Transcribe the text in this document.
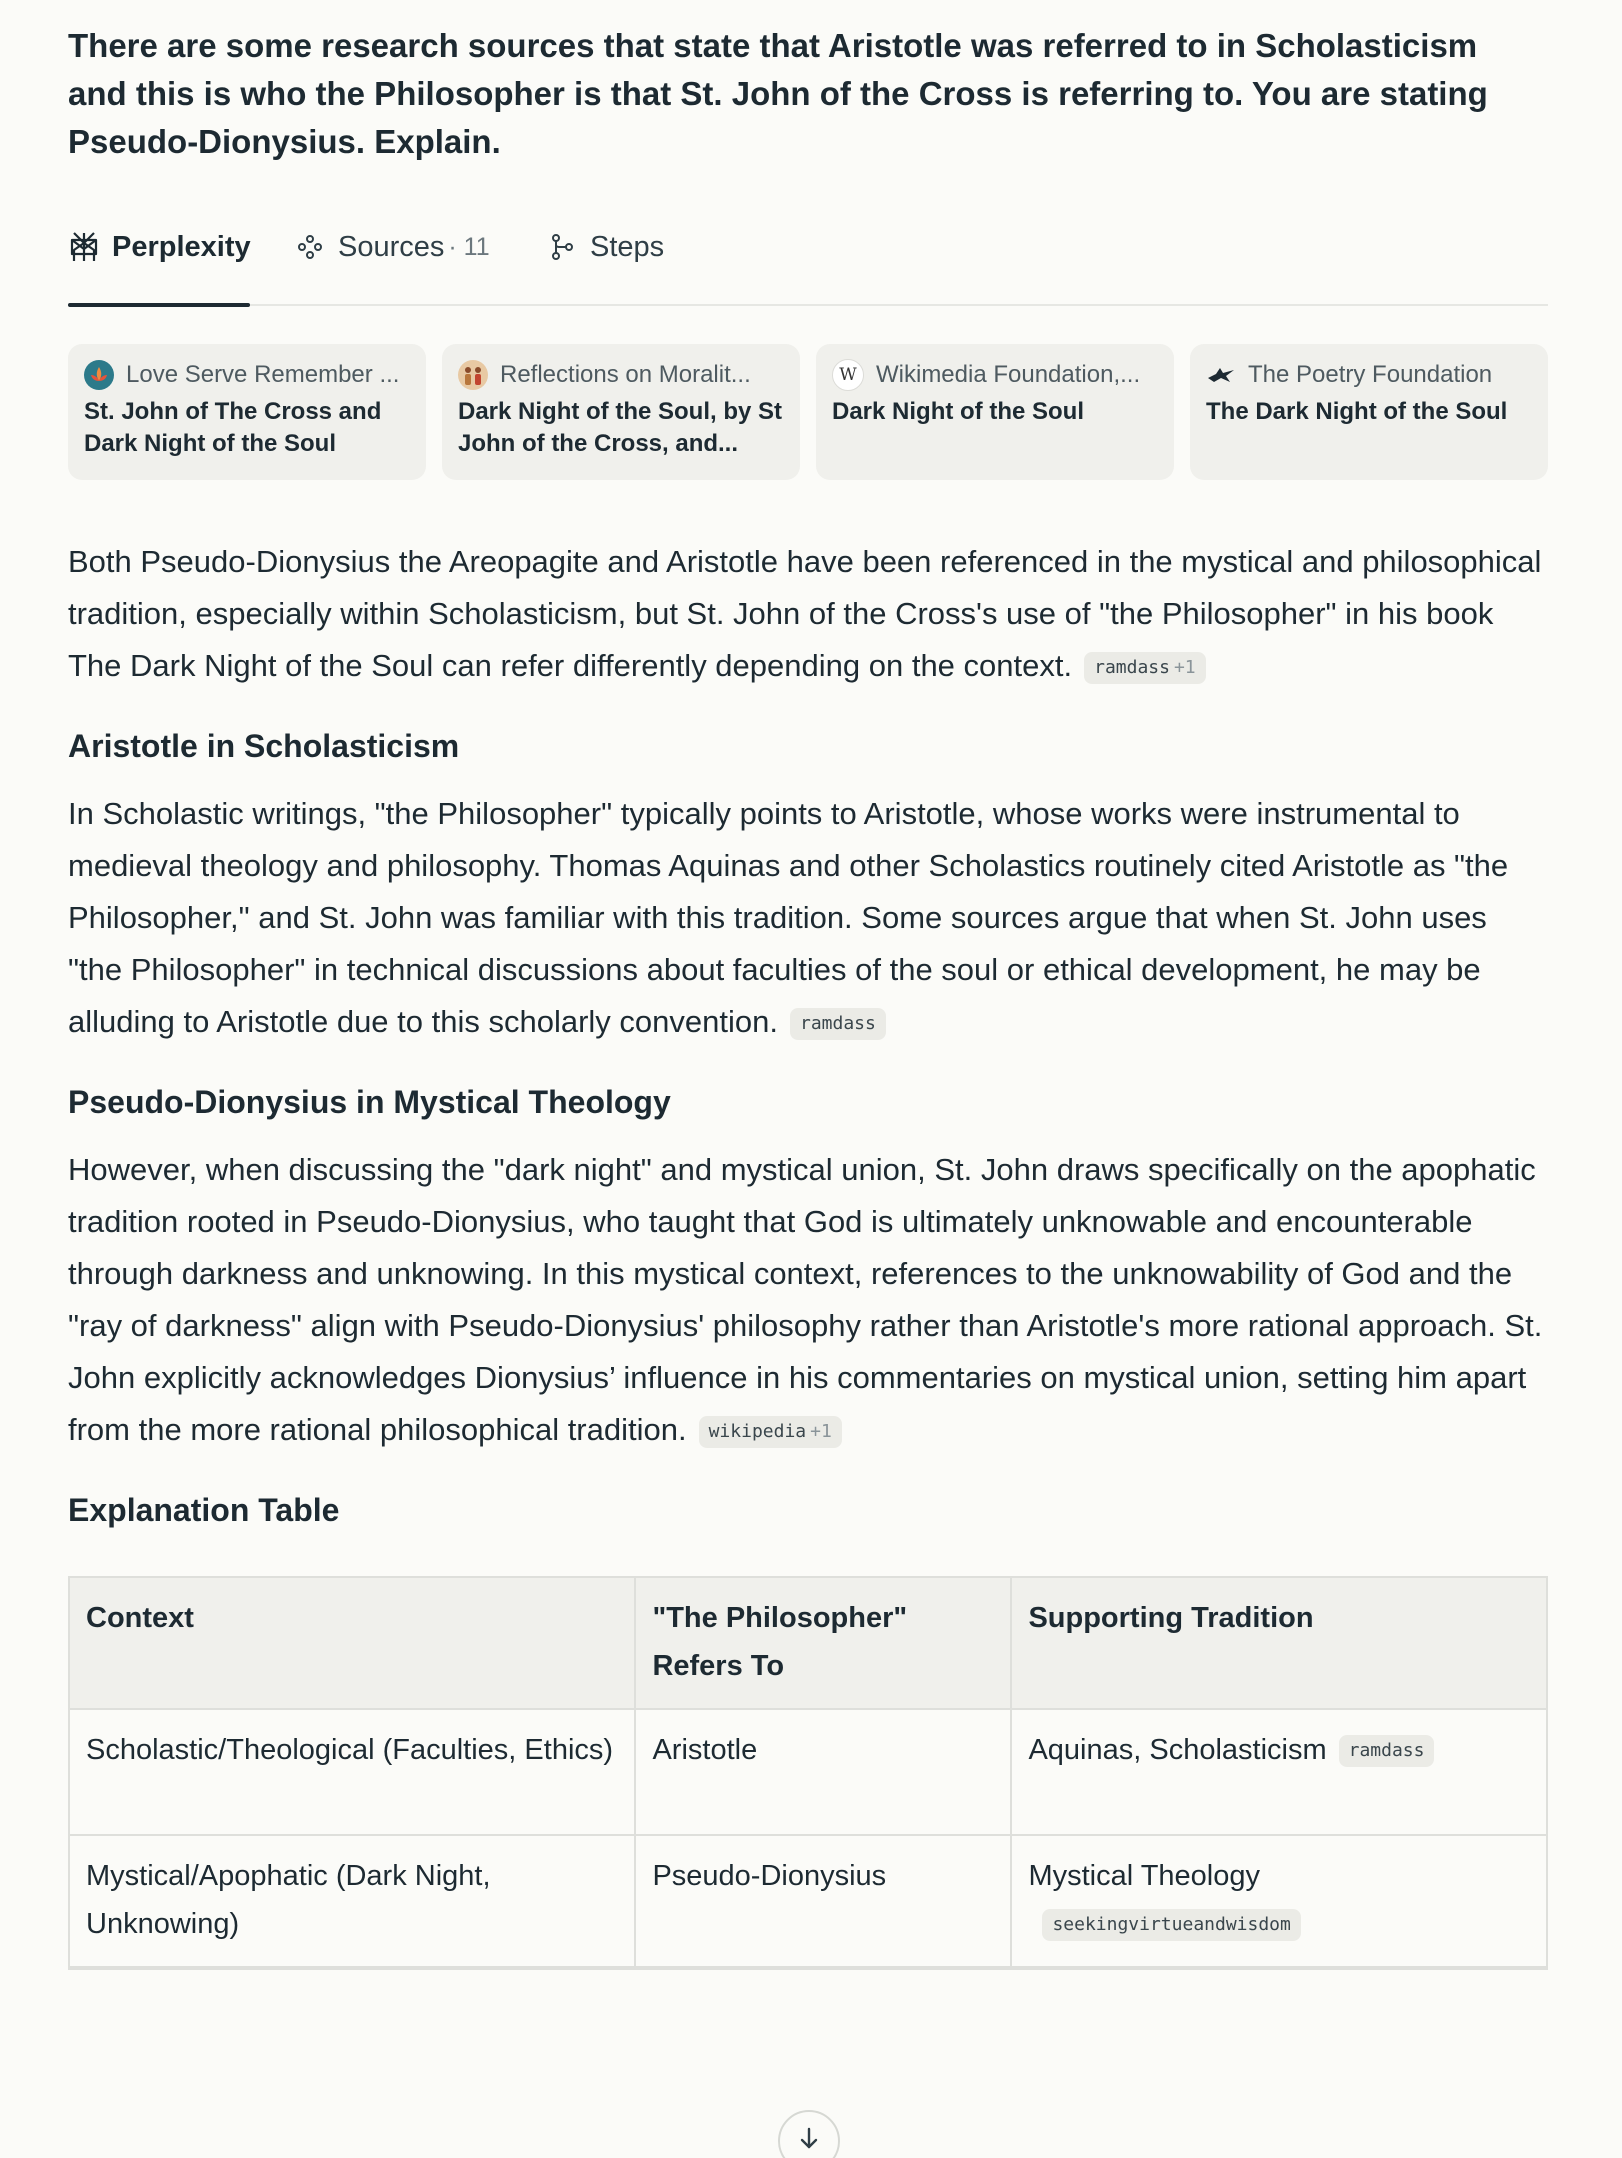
There are some research sources that state that Aristotle was referred to in Scholasticism and this is who the Philosopher is that St. John of the Cross is referring to. You are stating Pseudo-Dionysius. Explain.
Perplexity	Sources · 11	Steps
Love Serve Remember ...
St. John of The Cross and Dark Night of the Soul
Reflections on Moralit...
Dark Night of the Soul, by St John of the Cross, and...
W Wikimedia Foundation,...
Dark Night of the Soul
The Poetry Foundation
The Dark Night of the Soul

Both Pseudo-Dionysius the Areopagite and Aristotle have been referenced in the mystical and philosophical tradition, especially within Scholasticism, but St. John of the Cross's use of "the Philosopher" in his book The Dark Night of the Soul can refer differently depending on the context. ramdass +1

Aristotle in Scholasticism

In Scholastic writings, "the Philosopher" typically points to Aristotle, whose works were instrumental to medieval theology and philosophy. Thomas Aquinas and other Scholastics routinely cited Aristotle as "the Philosopher," and St. John was familiar with this tradition. Some sources argue that when St. John uses "the Philosopher" in technical discussions about faculties of the soul or ethical development, he may be alluding to Aristotle due to this scholarly convention. ramdass

Pseudo-Dionysius in Mystical Theology

However, when discussing the "dark night" and mystical union, St. John draws specifically on the apophatic tradition rooted in Pseudo-Dionysius, who taught that God is ultimately unknowable and encounterable through darkness and unknowing. In this mystical context, references to the unknowability of God and the "ray of darkness" align with Pseudo-Dionysius' philosophy rather than Aristotle's more rational approach. St. John explicitly acknowledges Dionysius’ influence in his commentaries on mystical union, setting him apart from the more rational philosophical tradition. wikipedia +1

Explanation Table
Context	"The Philosopher" Refers To	Supporting Tradition
Scholastic/Theological (Faculties, Ethics)	Aristotle	Aquinas, Scholasticism ramdass
Mystical/Apophatic (Dark Night, Unknowing)	Pseudo-Dionysius	Mystical Theology
seekingvirtueandwisdom
